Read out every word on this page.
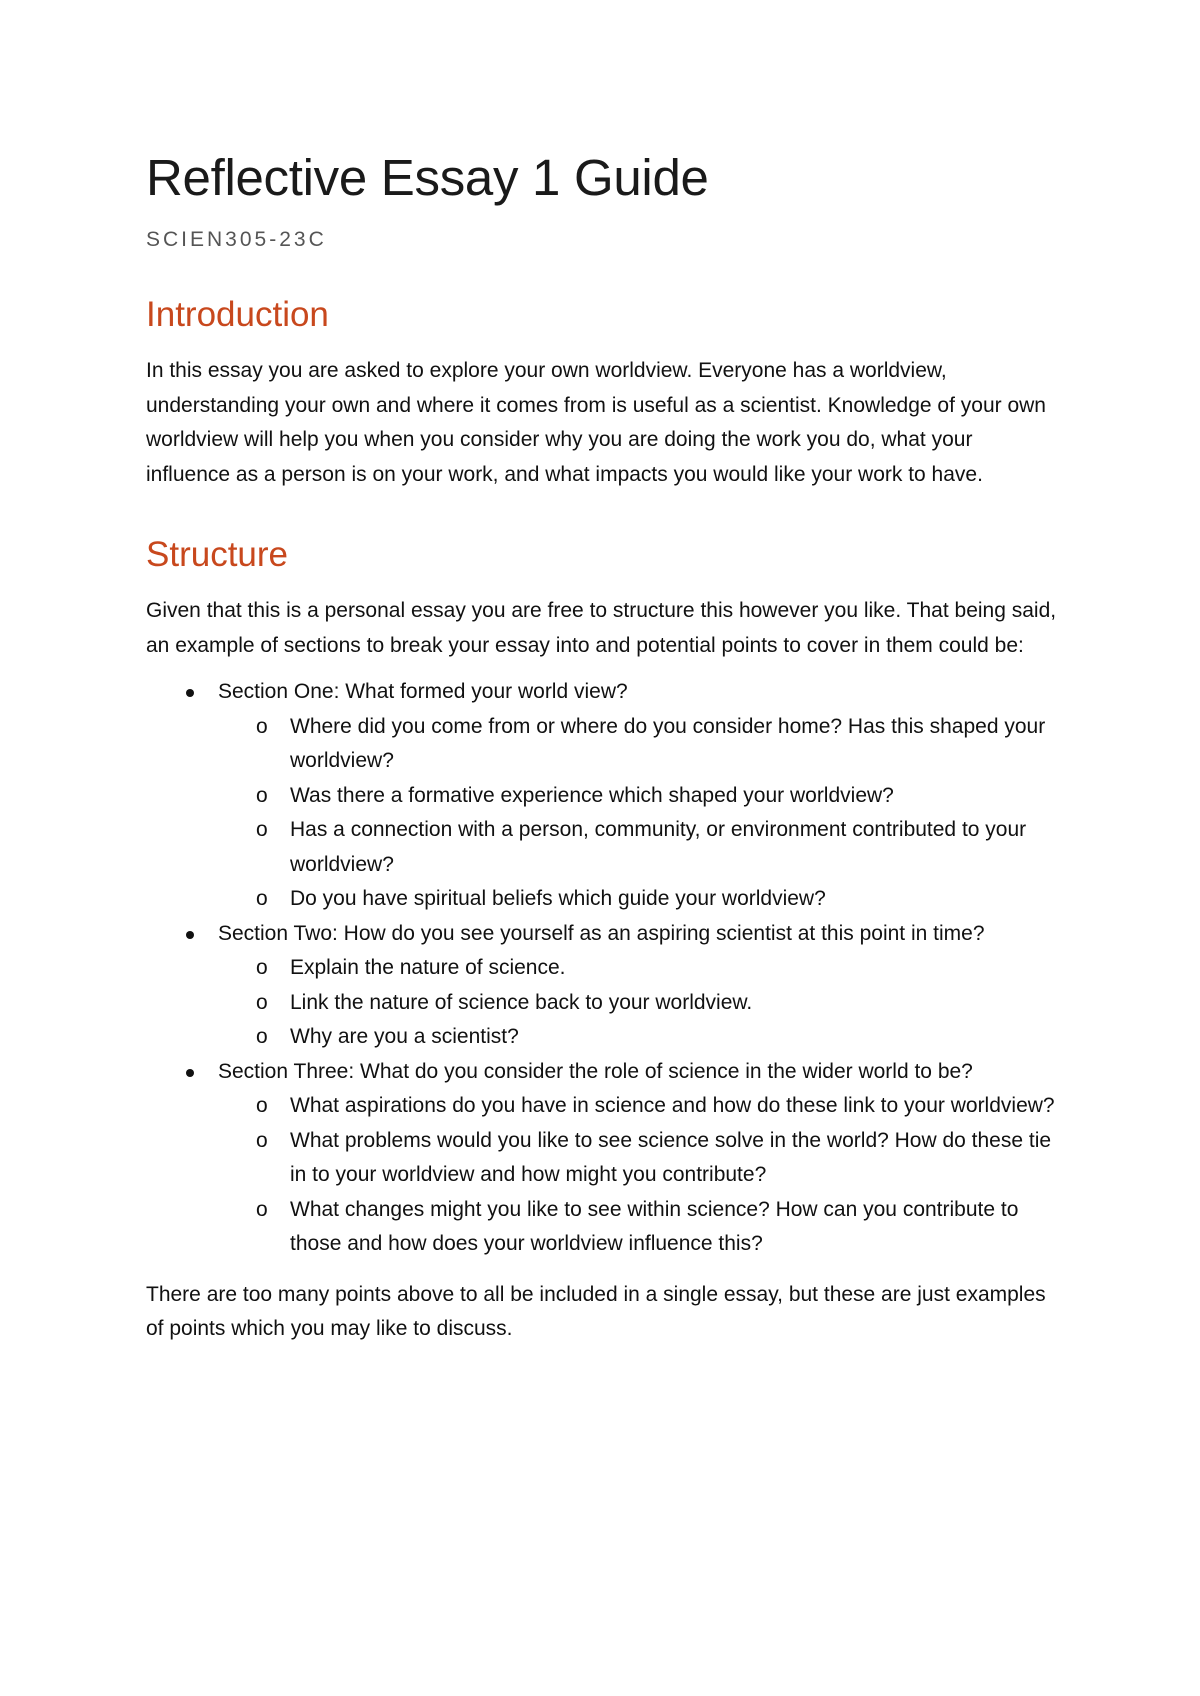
Reflective Essay 1 Guide
SCIEN305-23C
Introduction

In this essay you are asked to explore your own worldview. Everyone has a worldview, understanding your own and where it comes from is useful as a scientist. Knowledge of your own worldview will help you when you consider why you are doing the work you do, what your influence as a person is on your work, and what impacts you would like your work to have.

Structure

Given that this is a personal essay you are free to structure this however you like. That being said, an example of sections to break your essay into and potential points to cover in them could be:

Section One: What formed your world view?
o Where did you come from or where do you consider home? Has this shaped your worldview?
o Was there a formative experience which shaped your worldview?
o Has a connection with a person, community, or environment contributed to your worldview?
o Do you have spiritual beliefs which guide your worldview?
Section Two: How do you see yourself as an aspiring scientist at this point in time?
o Explain the nature of science.
o Link the nature of science back to your worldview.
o Why are you a scientist?
Section Three: What do you consider the role of science in the wider world to be?
o What aspirations do you have in science and how do these link to your worldview?
o What problems would you like to see science solve in the world? How do these tie in to your worldview and how might you contribute?
o What changes might you like to see within science? How can you contribute to those and how does your worldview influence this?

There are too many points above to all be included in a single essay, but these are just examples of points which you may like to discuss.
